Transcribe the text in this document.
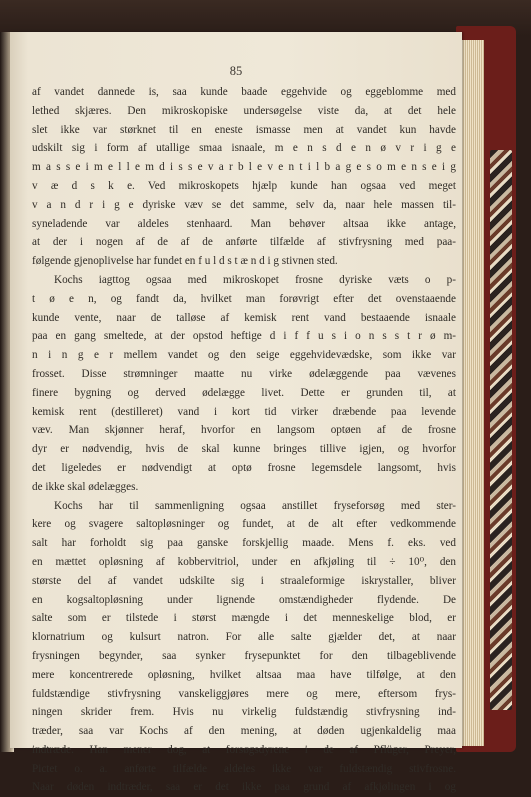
85
af vandet dannede is, saa kunde baade eggehvide og eggeblomme med
lethed skjæres. Den mikroskopiske undersøgelse viste da, at det hele
slet ikke var størknet til en eneste ismasse men at vandet kun havde
udskilt sig i form af utallige smaa isnaale, m e n s d e n ø v r i g e
m a s s e i m e l l e m d i s s e v a r b l e v e n t i l b a g e s o m e n s e i g
v æ d s k e. Ved mikroskopets hjælp kunde han ogsaa ved meget
v a n d r i g e dyriske væv se det samme, selv da, naar hele massen til-
syneladende var aldeles stenhaard. Man behøver altsaa ikke antage,
at der i nogen af de af de anførte tilfælde af stivfrysning med paa-
følgende gjenoplivelse har fundet en f u l d s t æ n d i g stivnen sted.
Kochs iagttog ogsaa med mikroskopet frosne dyriske væts o p-
t ø e n, og fandt da, hvilket man forøvrigt efter det ovenstaaende
kunde vente, naar de talløse af kemisk rent vand bestaaende isnaale
paa en gang smeltede, at der opstod heftige d i f f u s i o n s s t r ø m-
n i n g e r mellem vandet og den seige eggehvidevædske, som ikke var
frosset. Disse strømninger maatte nu virke ødelæggende paa vævenes
finere bygning og derved ødelægge livet. Dette er grunden til, at
kemisk rent (destilleret) vand i kort tid virker dræbende paa levende
væv. Man skjønner heraf, hvorfor en langsom optøen af de frosne
dyr er nødvendig, hvis de skal kunne bringes tillive igjen, og hvorfor
det ligeledes er nødvendigt at optø frosne legemsdele langsomt, hvis
de ikke skal ødelægges.
Kochs har til sammenligning ogsaa anstillet fryseforsøg med ster-
kere og svagere saltopløsninger og fundet, at de alt efter vedkommende
salt har forholdt sig paa ganske forskjellig maade. Mens f. eks. ved
en mættet opløsning af kobbervitriol, under en afkjøling til ÷ 10⁰, den
største del af vandet udskilte sig i straaleformige iskrystaller, bliver
en kogsaltopløsning under lignende omstændigheder flydende. De
salte som er tilstede i størst mængde i det menneskelige blod, er
klornatrium og kulsurt natron. For alle salte gjælder det, at naar
frysningen begynder, saa synker frysepunktet for den tilbageblivende
mere koncentrerede opløsning, hvilket altsaa maa have tilfølge, at den
fuldstændige stivfrysning vanskeliggjøres mere og mere, eftersom frys-
ningen skrider frem. Hvis nu virkelig fuldstændig stivfrysning ind-
træder, saa var Kochs af den mening, at døden ugjenkaldelig maa
indtræde. Han mener dog, at forsøgsdyrene i de af Pflüger, Preyer,
Pictet o. a. anførte tilfælde aldeles ikke var fuldstændig stivfrosne.
Naar døden indtræder, saa er det ikke paa grund af afkjølingen i og
